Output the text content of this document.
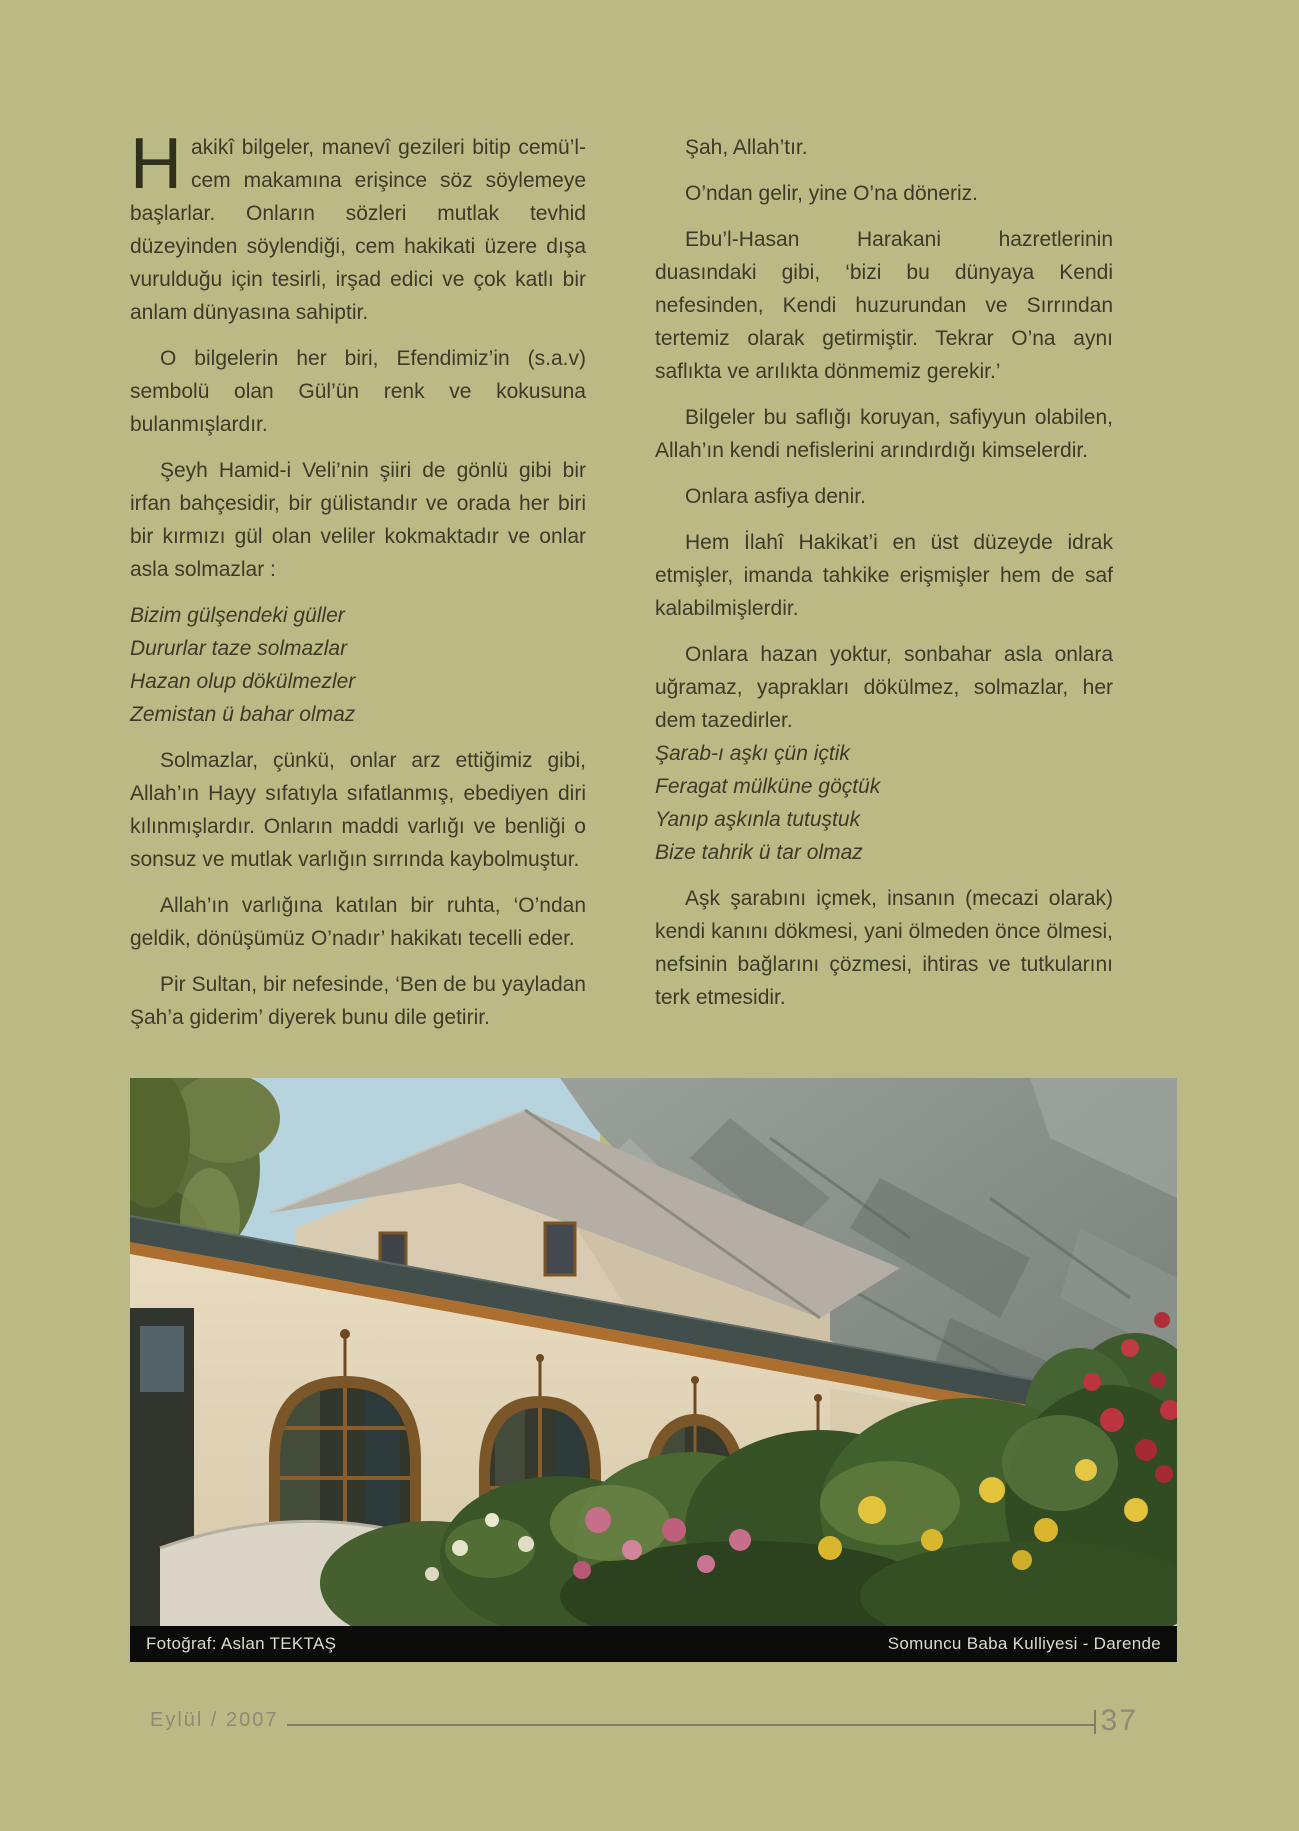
Hakikî bilgeler, manevî gezileri bitip cemü’l-cem makamına erişince söz söylemeye başlarlar. Onların sözleri mutlak tevhid düzeyinden söylendiği, cem hakikati üzere dışa vurulduğu için tesirli, irşad edici ve çok katlı bir anlam dünyasına sahiptir.

O bilgelerin her biri, Efendimiz’in (s.a.v) sembolü olan Gül’ün renk ve kokusuna bulanmışlardır.

Şeyh Hamid-i Veli’nin şiiri de gönlü gibi bir irfan bahçesidir, bir gülistandır ve orada her biri bir kırmızı gül olan veliler kokmaktadır ve onlar asla solmazlar :

Bizim gülşendeki güller
Dururlar taze solmazlar
Hazan olup dökülmezler
Zemistan ü bahar olmaz

Solmazlar, çünkü, onlar arz ettiğimiz gibi, Allah’ın Hayy sıfatıyla sıfatlanmış, ebediyen diri kılınmışlardır. Onların maddi varlığı ve benliği o sonsuz ve mutlak varlığın sırrında kaybolmuştur.

Allah’ın varlığına katılan bir ruhta, ‘O’ndan geldik, dönüşümüz O’nadır’ hakikatı tecelli eder.

Pir Sultan, bir nefesinde, ‘Ben de bu yayladan Şah’a giderim’ diyerek bunu dile getirir.

Şah, Allah’tır.

O’ndan gelir, yine O’na döneriz.

Ebu’l-Hasan Harakani hazretlerinin duasındaki gibi, ‘bizi bu dünyaya Kendi nefesinden, Kendi huzurundan ve Sırrından tertemiz olarak getirmiştir. Tekrar O’na aynı saflıkta ve arılıkta dönmemiz gerekir.’

Bilgeler bu saflığı koruyan, safiyyun olabilen, Allah’ın kendi nefislerini arındırdığı kimselerdir.

Onlara asfiya denir.

Hem İlahî Hakikat’i en üst düzeyde idrak etmişler, imanda tahkike erişmişler hem de saf kalabilmişlerdir.

Onlara hazan yoktur, sonbahar asla onlara uğramaz, yaprakları dökülmez, solmazlar, her dem tazedirler.

Şarab-ı aşkı çün içtik
Feragat mülküne göçtük
Yanıp aşkınla tutuştuk
Bize tahrik ü tar olmaz

Aşk şarabını içmek, insanın (mecazi olarak) kendi kanını dökmesi, yani ölmeden önce ölmesi, nefsinin bağlarını çözmesi, ihtiras ve tutkularını terk etmesidir.

Fotoğraf: Aslan TEKTAŞ	Somuncu Baba Kulliyesi - Darende
Eylül / 2007	37
